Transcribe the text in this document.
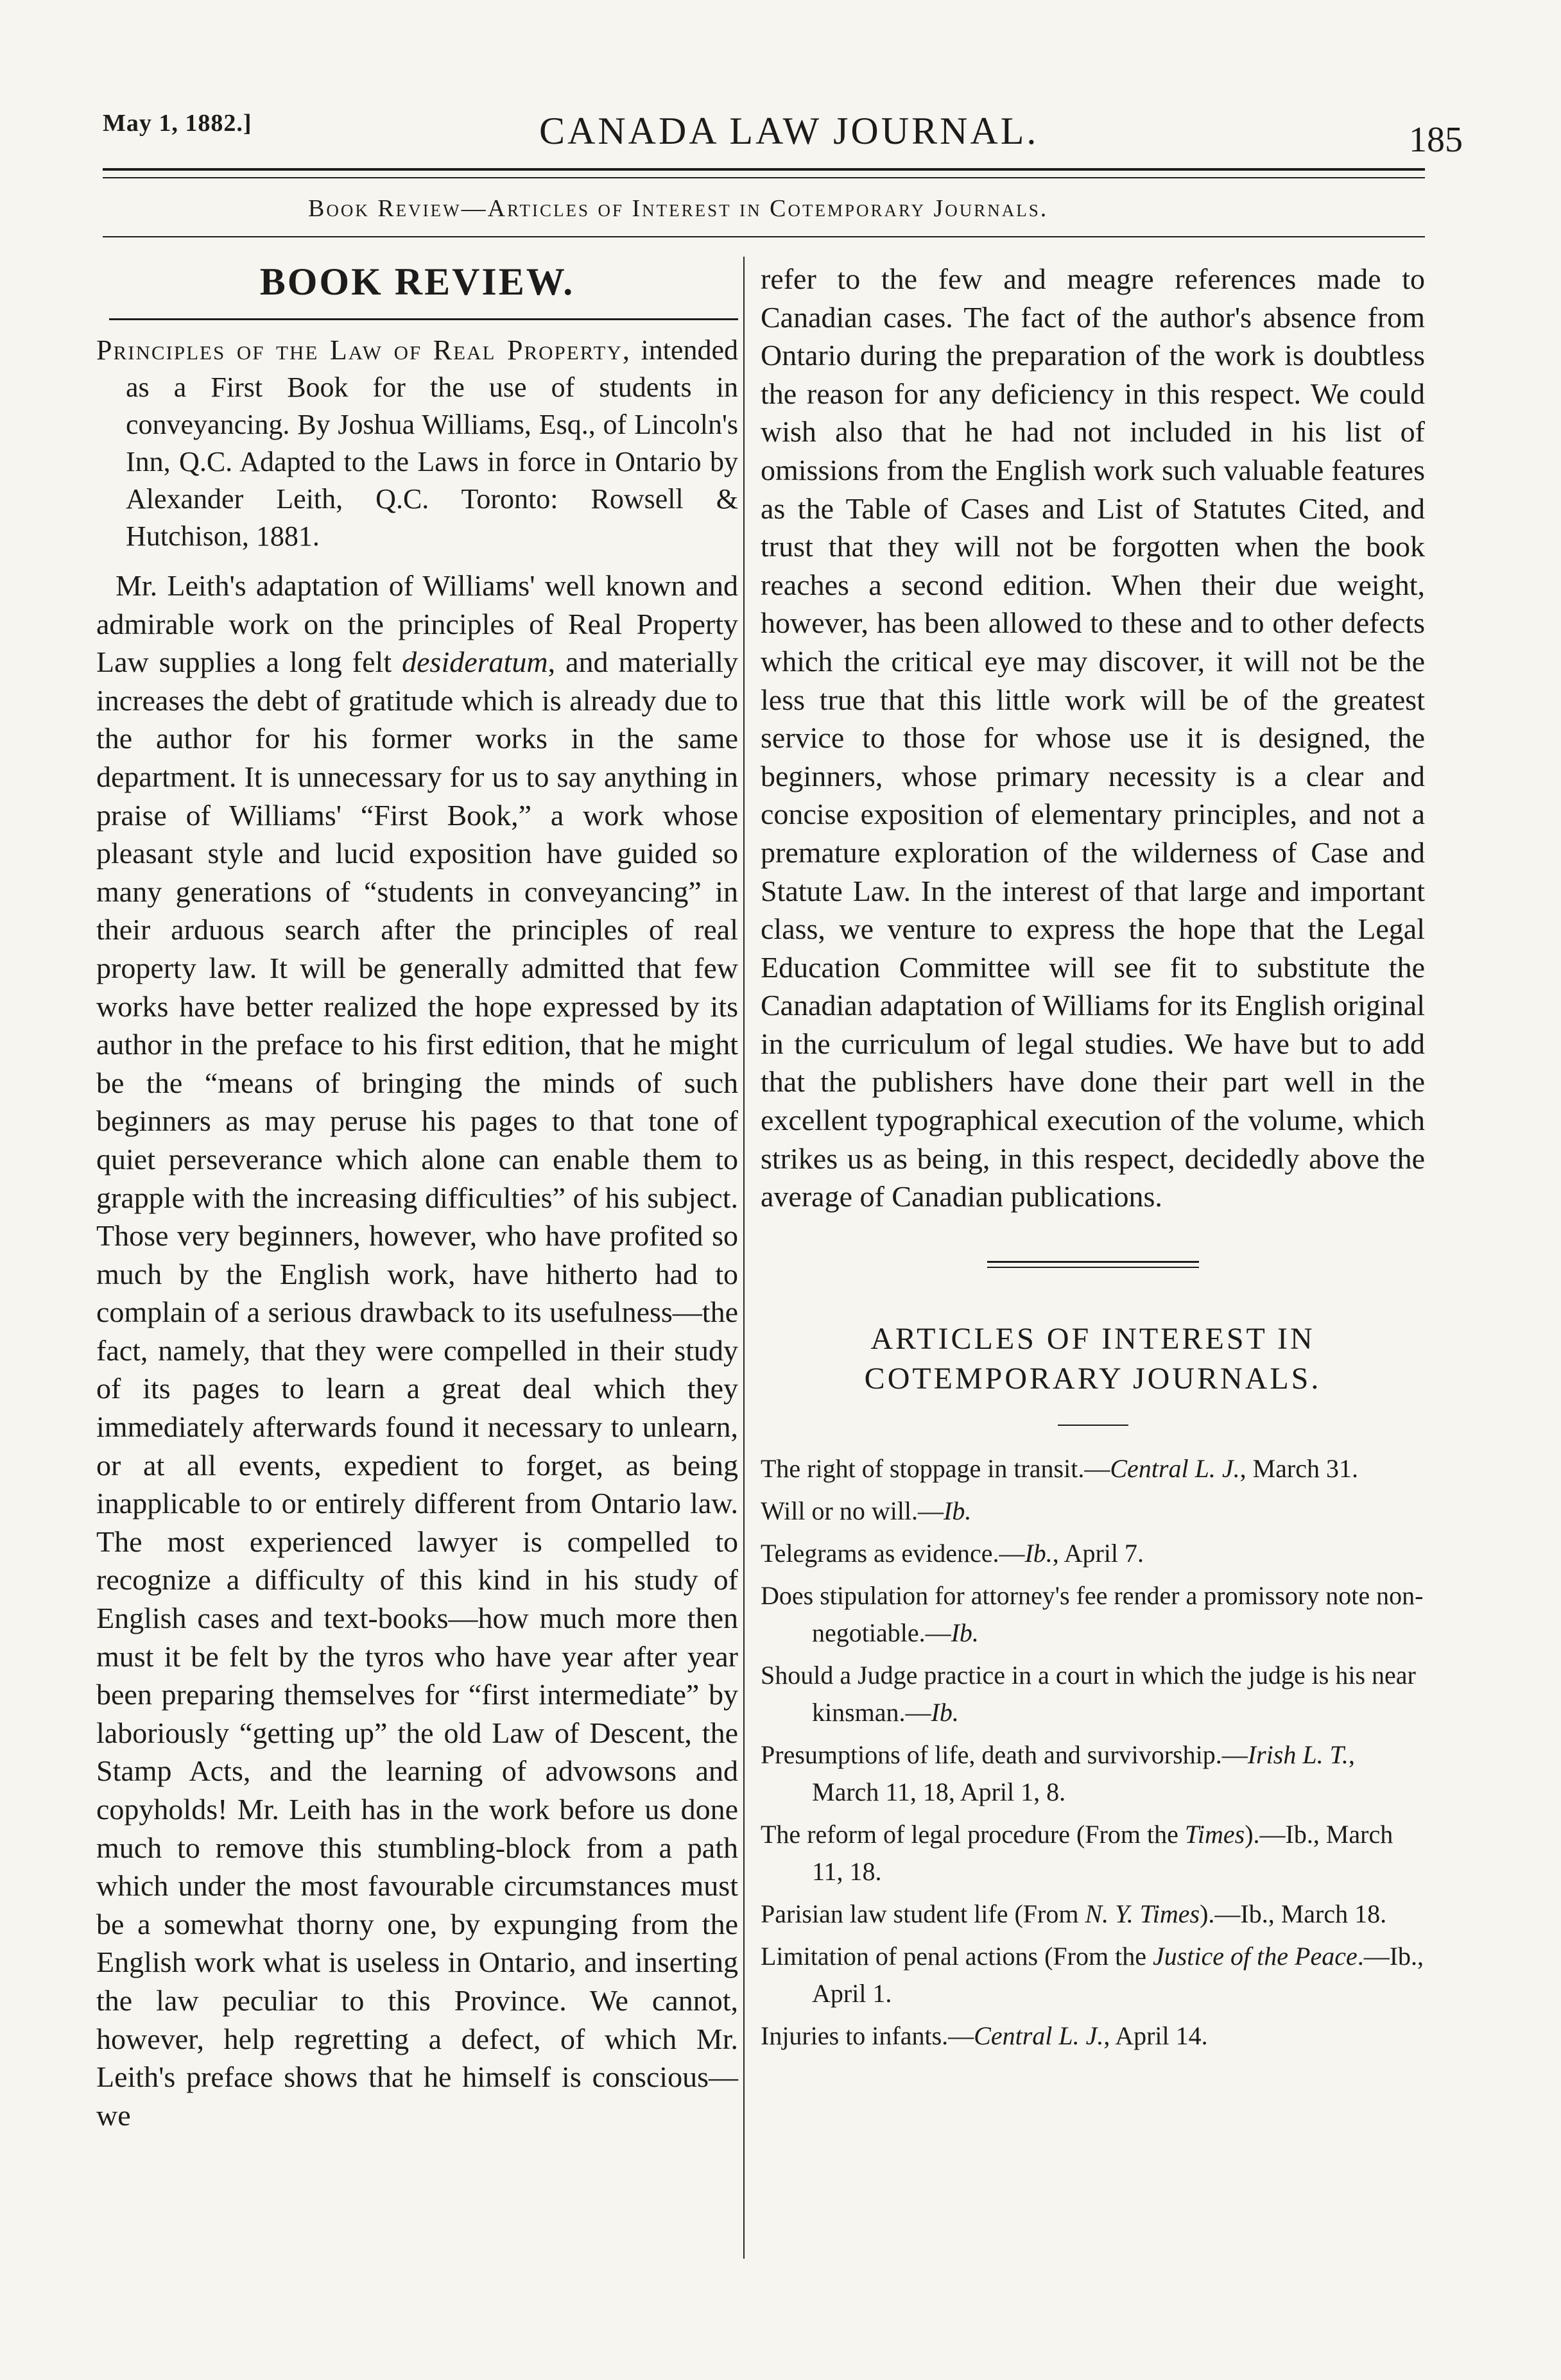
May 1, 1882.]	CANADA LAW JOURNAL.	185
Book Review—Articles of Interest in Cotemporary Journals.
BOOK REVIEW.

Principles of the Law of Real Property, intended as a First Book for the use of students in conveyancing. By Joshua Williams, Esq., of Lincoln's Inn, Q.C. Adapted to the Laws in force in Ontario by Alexander Leith, Q.C. Toronto: Rowsell & Hutchison, 1881.

Mr. Leith's adaptation of Williams' well known and admirable work on the principles of Real Property Law supplies a long felt desideratum, and materially increases the debt of gratitude which is already due to the author for his former works in the same department. It is unnecessary for us to say anything in praise of Williams' “First Book,” a work whose pleasant style and lucid exposition have guided so many generations of “students in conveyancing” in their arduous search after the principles of real property law. It will be generally admitted that few works have better realized the hope expressed by its author in the preface to his first edition, that he might be the “means of bringing the minds of such beginners as may peruse his pages to that tone of quiet perseverance which alone can enable them to grapple with the increasing difficulties” of his subject. Those very beginners, however, who have profited so much by the English work, have hitherto had to complain of a serious drawback to its usefulness—the fact, namely, that they were compelled in their study of its pages to learn a great deal which they immediately afterwards found it necessary to unlearn, or at all events, expedient to forget, as being inapplicable to or entirely different from Ontario law. The most experienced lawyer is compelled to recognize a difficulty of this kind in his study of English cases and text-books—how much more then must it be felt by the tyros who have year after year been preparing themselves for “first intermediate” by laboriously “getting up” the old Law of Descent, the Stamp Acts, and the learning of advowsons and copyholds! Mr. Leith has in the work before us done much to remove this stumbling-block from a path which under the most favourable circumstances must be a somewhat thorny one, by expunging from the English work what is useless in Ontario, and inserting the law peculiar to this Province. We cannot, however, help regretting a defect, of which Mr. Leith's preface shows that he himself is conscious—we

refer to the few and meagre references made to Canadian cases. The fact of the author's absence from Ontario during the preparation of the work is doubtless the reason for any deficiency in this respect. We could wish also that he had not included in his list of omissions from the English work such valuable features as the Table of Cases and List of Statutes Cited, and trust that they will not be forgotten when the book reaches a second edition. When their due weight, however, has been allowed to these and to other defects which the critical eye may discover, it will not be the less true that this little work will be of the greatest service to those for whose use it is designed, the beginners, whose primary necessity is a clear and concise exposition of elementary principles, and not a premature exploration of the wilderness of Case and Statute Law. In the interest of that large and important class, we venture to express the hope that the Legal Education Committee will see fit to substitute the Canadian adaptation of Williams for its English original in the curriculum of legal studies. We have but to add that the publishers have done their part well in the excellent typographical execution of the volume, which strikes us as being, in this respect, decidedly above the average of Canadian publications.

ARTICLES OF INTEREST IN COTEMPORARY JOURNALS.
The right of stoppage in transit.—Central L. J., March 31.
Will or no will.—Ib.
Telegrams as evidence.—Ib., April 7.
Does stipulation for attorney's fee render a promissory note non-negotiable.—Ib.
Should a Judge practice in a court in which the judge is his near kinsman.—Ib.
Presumptions of life, death and survivorship.—Irish L. T., March 11, 18, April 1, 8.
The reform of legal procedure (From the Times).—Ib., March 11, 18.
Parisian law student life (From N. Y. Times).—Ib., March 18.
Limitation of penal actions (From the Justice of the Peace.—Ib., April 1.
Injuries to infants.—Central L. J., April 14.
